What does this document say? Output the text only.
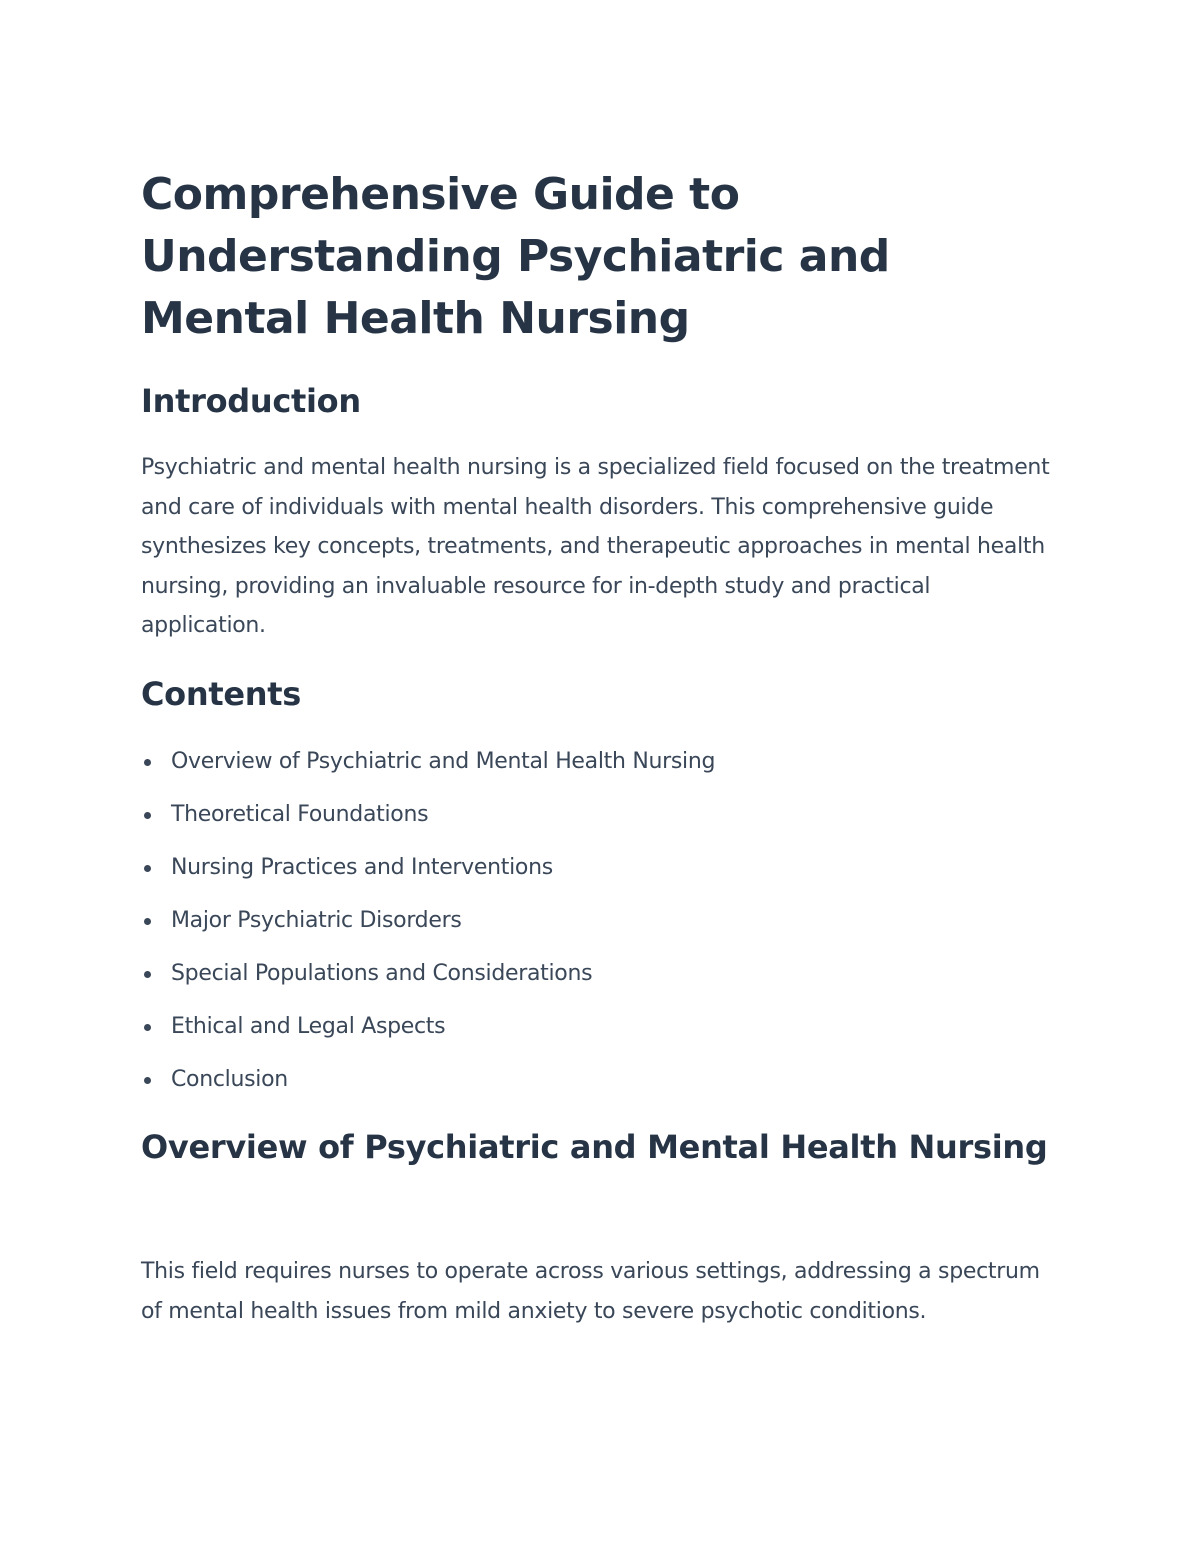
Comprehensive Guide to Understanding Psychiatric and Mental Health Nursing
Introduction

Psychiatric and mental health nursing is a specialized field focused on the treatment and care of individuals with mental health disorders. This comprehensive guide synthesizes key concepts, treatments, and therapeutic approaches in mental health nursing, providing an invaluable resource for in-depth study and practical application.

Contents
Overview of Psychiatric and Mental Health Nursing
Theoretical Foundations
Nursing Practices and Interventions
Major Psychiatric Disorders
Special Populations and Considerations
Ethical and Legal Aspects
Conclusion
Overview of Psychiatric and Mental Health Nursing

This field requires nurses to operate across various settings, addressing a spectrum of mental health issues from mild anxiety to severe psychotic conditions.
